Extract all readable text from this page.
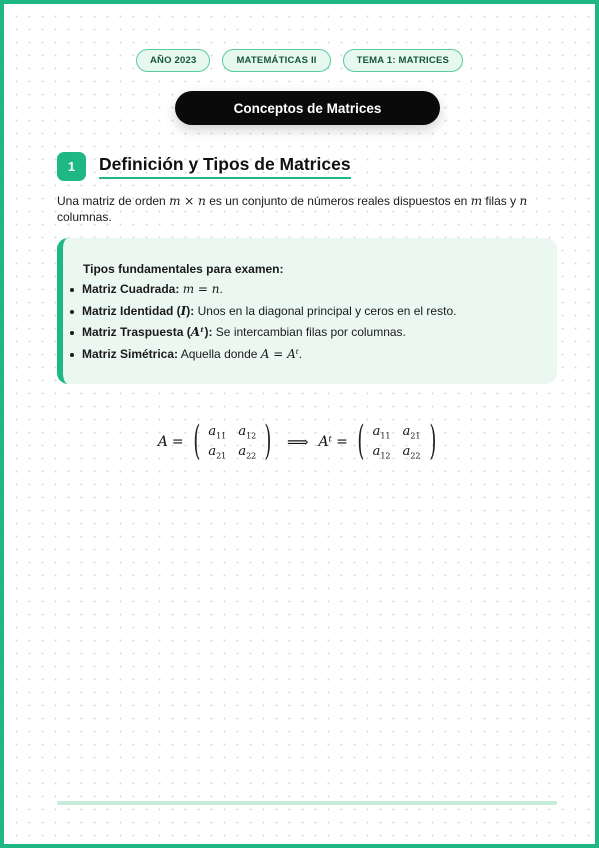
AÑO 2023	MATEMÁTICAS II	TEMA 1: MATRICES
Conceptos de Matrices
1	Definición y Tipos de Matrices

Una matriz de orden m × n es un conjunto de números reales dispuestos en m filas y n columnas.

Tipos fundamentales para examen:
Matriz Cuadrada: m = n.
Matriz Identidad (I): Unos en la diagonal principal y ceros en el resto.
Matriz Traspuesta (Aᵗ): Se intercambian filas por columnas.
Matriz Simétrica: Aquella donde A = Aᵗ.
A = ( $a_{11}$ $a_{12}$
$a_{21}$ $a_{22}$ ) ⟹ Aᵗ = ( $a_{11}$ $a_{21}$
$a_{12}$ $a_{22}$ )
